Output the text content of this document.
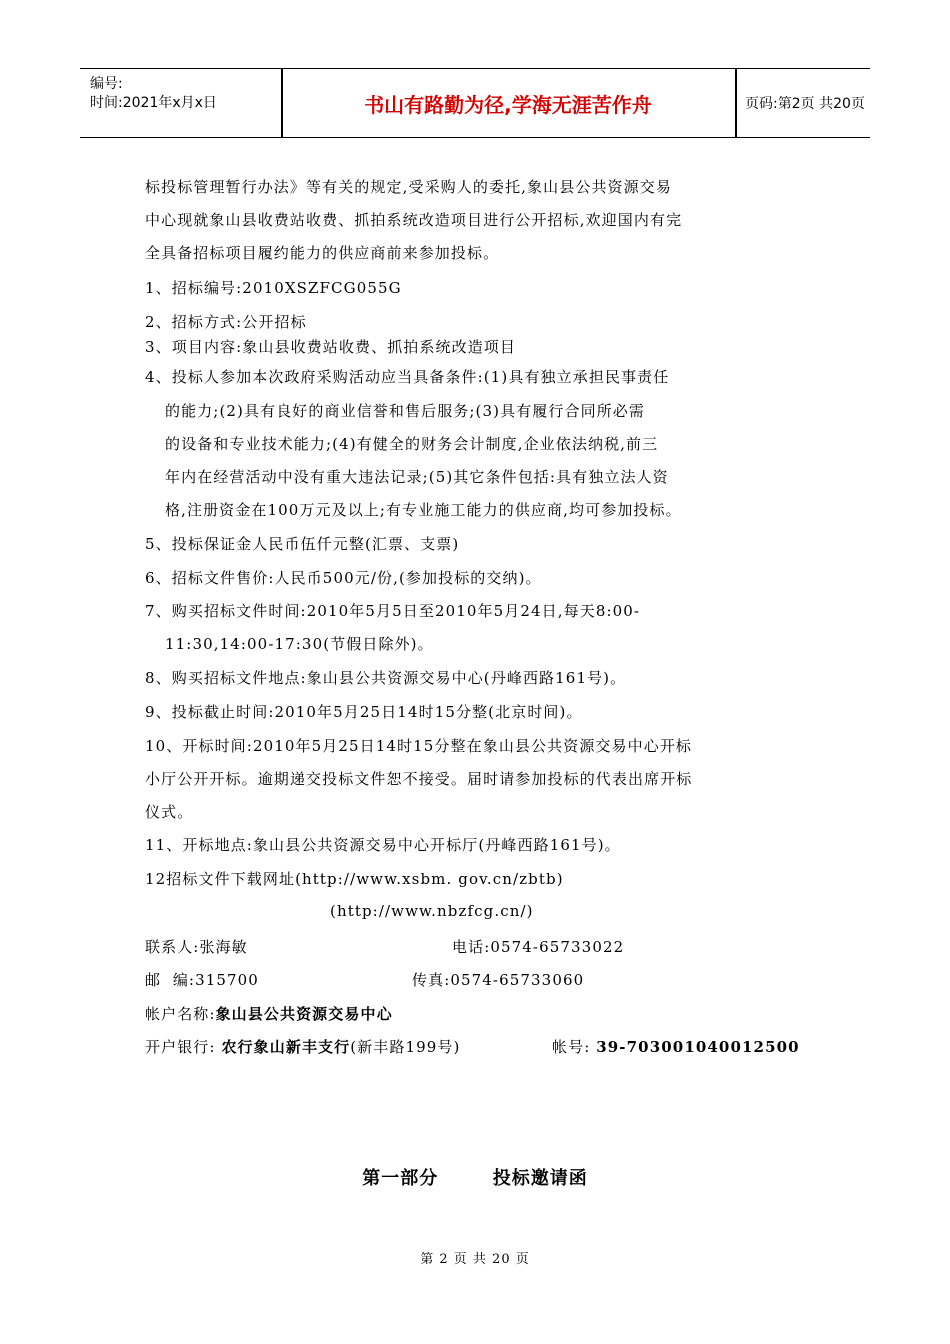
编号:
时间:2021年x月x日	书山有路勤为径,学海无涯苦作舟	页码:第2页 共20页
标投标管理暂行办法》等有关的规定,受采购人的委托,象山县公共资源交易
中心现就象山县收费站收费、抓拍系统改造项目进行公开招标,欢迎国内有完
全具备招标项目履约能力的供应商前来参加投标。
1、招标编号:2010XSZFCG055G
2、招标方式:公开招标
3、项目内容:象山县收费站收费、抓拍系统改造项目
4、投标人参加本次政府采购活动应当具备条件:(1)具有独立承担民事责任
的能力;(2)具有良好的商业信誉和售后服务;(3)具有履行合同所必需
的设备和专业技术能力;(4)有健全的财务会计制度,企业依法纳税,前三
年内在经营活动中没有重大违法记录;(5)其它条件包括:具有独立法人资
格,注册资金在100万元及以上;有专业施工能力的供应商,均可参加投标。
5、投标保证金人民币伍仟元整(汇票、支票)
6、招标文件售价:人民币500元/份,(参加投标的交纳)。
7、购买招标文件时间:2010年5月5日至2010年5月24日,每天8:00-
11:30,14:00-17:30(节假日除外)。
8、购买招标文件地点:象山县公共资源交易中心(丹峰西路161号)。
9、投标截止时间:2010年5月25日14时15分整(北京时间)。
10、开标时间:2010年5月25日14时15分整在象山县公共资源交易中心开标
小厅公开开标。逾期递交投标文件恕不接受。届时请参加投标的代表出席开标
仪式。
11、开标地点:象山县公共资源交易中心开标厅(丹峰西路161号)。
12招标文件下载网址(http://www.xsbm. gov.cn/zbtb)
(http://www.nbzfcg.cn/)
联系人:张海敏	电话:0574-65733022
邮  编:315700	传真:0574-65733060
帐户名称:象山县公共资源交易中心
开户银行: 农行象山新丰支行(新丰路199号)	帐号: 39-703001040012500
第一部分	投标邀请函
第 2 页 共 20 页
